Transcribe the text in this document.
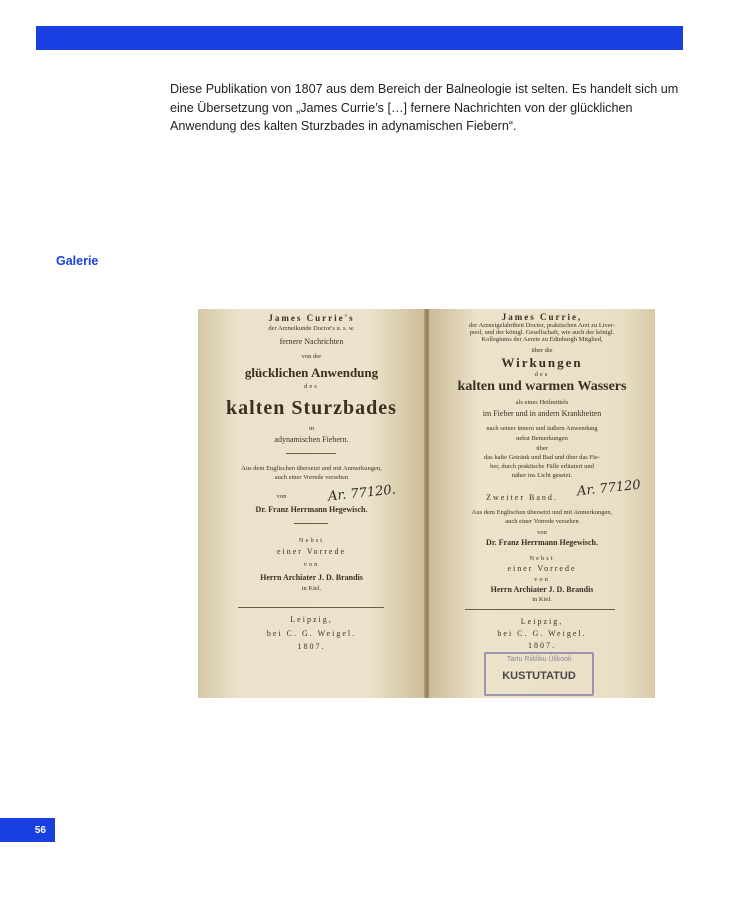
Diese Publikation von 1807 aus dem Bereich der Balneologie ist selten. Es handelt sich um eine Übersetzung von „James Currie’s […] fernere Nachrichten von der glücklichen Anwendung des kalten Sturzbades in adynamischen Fiebern“.

Galerie
James Currie's
der Arzneikunde Doctor's u. s. w.
fernere Nachrichten
von der
glücklichen Anwendung
des
kalten Sturzbades
in
adynamischen Fiebern.
Aus dem Englischen übersetzt und mit Anmerkungen,
auch einer Vorrede versehen
von
Dr. Franz Herrmann Hegewisch.
Nebst
einer Vorrede
von
Herrn Archiater J. D. Brandis
in Kiel.
Leipzig,
bei C. G. Weigel.
1807.
Ar. 77120.
James Currie,
der Arzneigelahrtheit Doctor, praktischen Arzt zu Liver-
pool, und der königl. Gesellschaft, wie auch der königl.
Kollegiums der Aerzte zu Edinburgh Mitglied,
über die
Wirkungen
des
kalten und warmen Wassers
als eines Heilmittels
im Fieber und in andern Krankheiten
nach seiner innern und äußern Anwendung
nebst Bemerkungen
über
das kalte Getränk und Bad und über das Fie-
ber, durch praktische Fälle erläutert und
näher ins Licht gesetzt.
Zweiter Band.
Aus dem Englischen übersetzt und mit Anmerkungen,
auch einer Vorrede versehen
von
Dr. Franz Herrmann Hegewisch.
Nebst
einer Vorrede
von
Herrn Archiater J. D. Brandis
in Kiel.
Leipzig,
bei C. G. Weigel.
1807.
Ar. 77120
Tartu Riikliku Ülikooli
KUSTUTATUD
56
